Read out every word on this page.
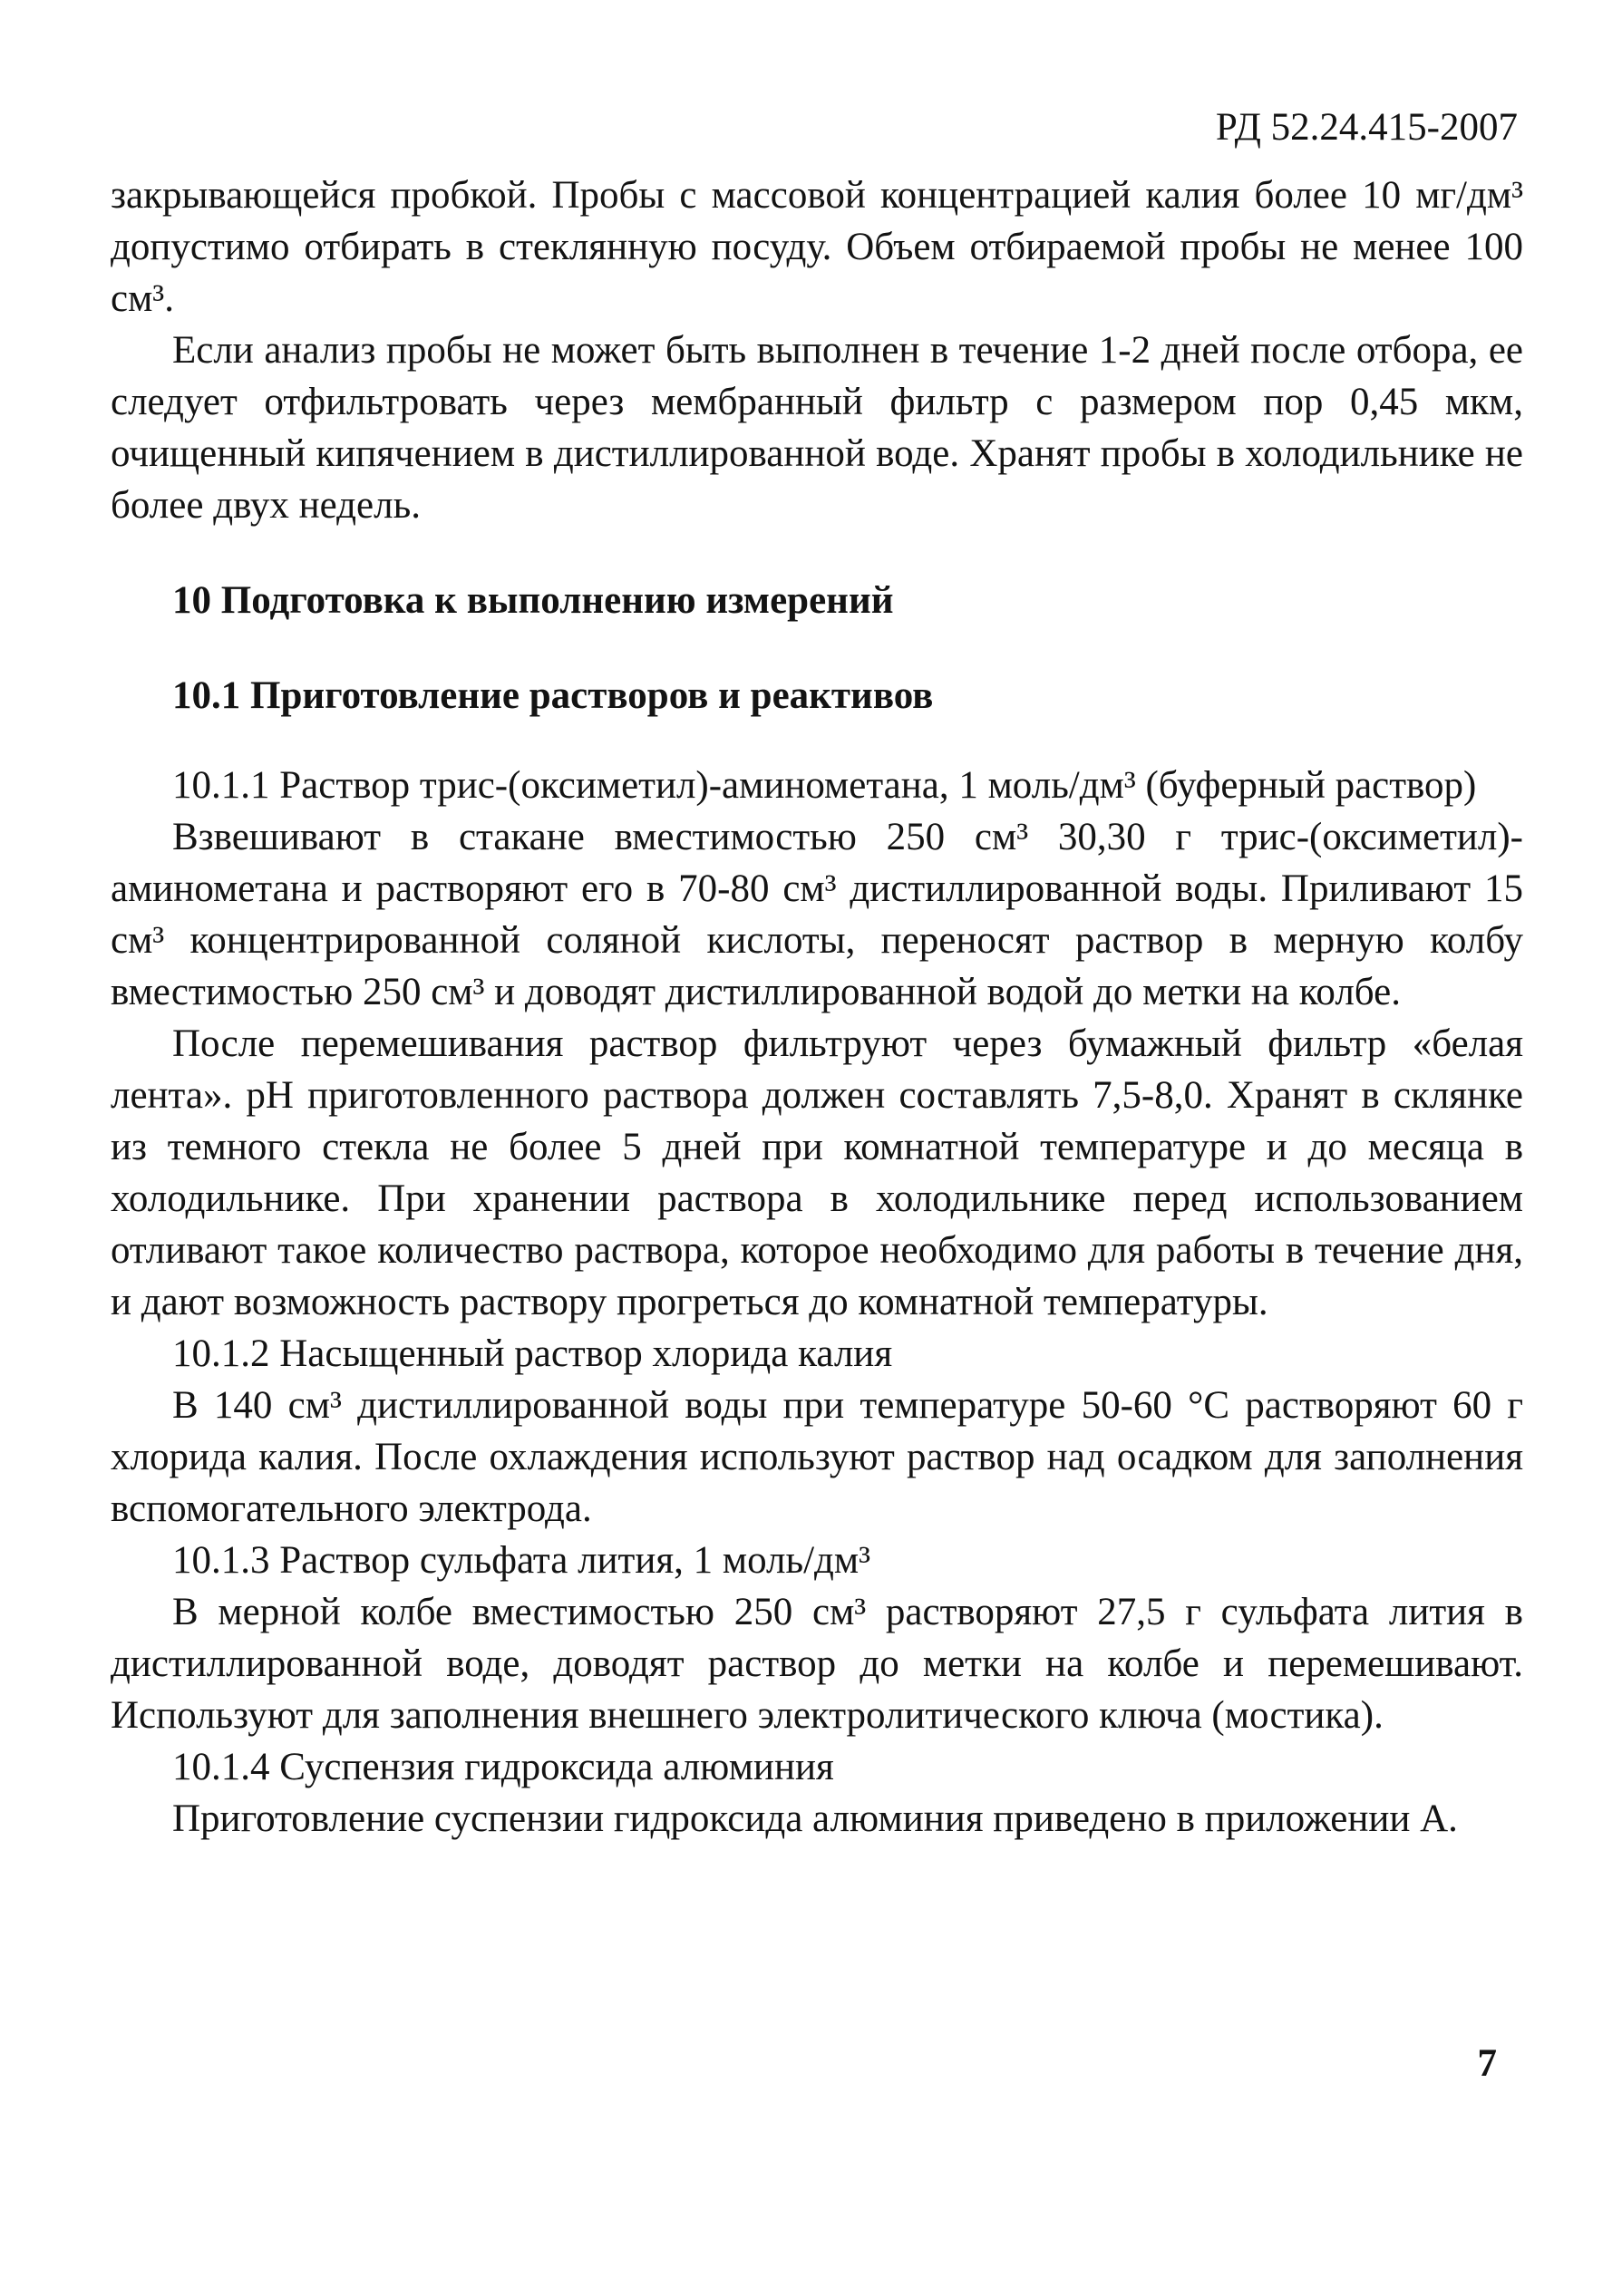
РД 52.24.415-2007

закрывающейся пробкой. Пробы с массовой концентрацией калия более 10 мг/дм³ допустимо отбирать в стеклянную посуду. Объем отбираемой пробы не менее 100 см³.

Если анализ пробы не может быть выполнен в течение 1-2 дней после отбора, ее следует отфильтровать через мембранный фильтр с размером пор 0,45 мкм, очищенный кипячением в дистиллированной воде. Хранят пробы в холодильнике не более двух недель.

10 Подготовка к выполнению измерений
10.1 Приготовление растворов и реактивов

10.1.1 Раствор трис-(оксиметил)-аминометана, 1 моль/дм³ (буферный раствор)

Взвешивают в стакане вместимостью 250 см³ 30,30 г трис-(оксиметил)- аминометана и растворяют его в 70-80 см³ дистиллированной воды. Приливают 15 см³ концентрированной соляной кислоты, переносят раствор в мерную колбу вместимостью 250 см³ и доводят дистиллированной водой до метки на колбе.

После перемешивания раствор фильтруют через бумажный фильтр «белая лента». рН приготовленного раствора должен составлять 7,5-8,0. Хранят в склянке из темного стекла не более 5 дней при комнатной температуре и до месяца в холодильнике. При хранении раствора в холодильнике перед использованием отливают такое количество раствора, которое необходимо для работы в течение дня, и дают возможность раствору прогреться до комнатной температуры.

10.1.2 Насыщенный раствор хлорида калия

В 140 см³ дистиллированной воды при температуре 50-60 °С растворяют 60 г хлорида калия. После охлаждения используют раствор над осадком для заполнения вспомогательного электрода.

10.1.3 Раствор сульфата лития, 1 моль/дм³

В мерной колбе вместимостью 250 см³ растворяют 27,5 г сульфата лития в дистиллированной воде, доводят раствор до метки на колбе и перемешивают. Используют для заполнения внешнего электролитического ключа (мостика).

10.1.4 Суспензия гидроксида алюминия

Приготовление суспензии гидроксида алюминия приведено в приложении А.

7
